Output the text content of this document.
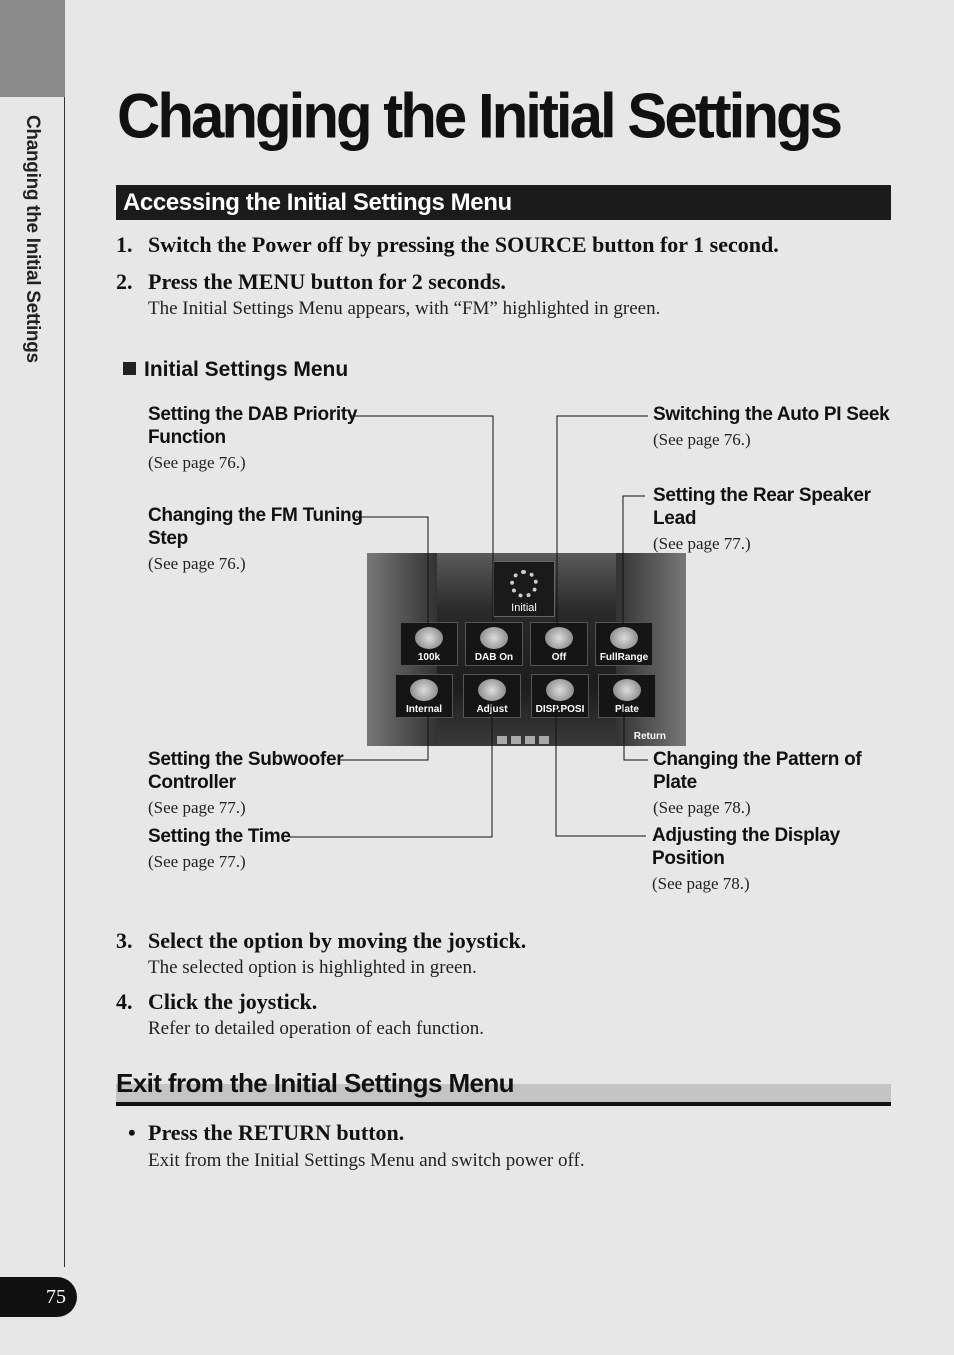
Changing the Initial Settings Changing the Initial Settings
Accessing the Initial Settings Menu
1. Switch the Power off by pressing the SOURCE button for 1 second.
2. Press the MENU button for 2 seconds.
The Initial Settings Menu appears, with “FM” highlighted in green.
Initial Settings Menu
Setting the DAB Priority
Function
(See page 76.)
Changing the FM Tuning
Step
(See page 76.)
Setting the Subwoofer
Controller
(See page 77.)
Setting the Time
(See page 77.)
Switching the Auto PI Seek
(See page 76.)
Setting the Rear Speaker
Lead
(See page 77.)
Changing the Pattern of
Plate
(See page 78.)
Adjusting the Display
Position
(See page 78.)
Initial
100k	DAB On	Off	FullRange
Internal	Adjust	DISP.POSI	Plate
Return
3. Select the option by moving the joystick.
The selected option is highlighted in green.
4. Click the joystick.
Refer to detailed operation of each function.
Exit from the Initial Settings Menu
• Press the RETURN button.
Exit from the Initial Settings Menu and switch power off.
75
